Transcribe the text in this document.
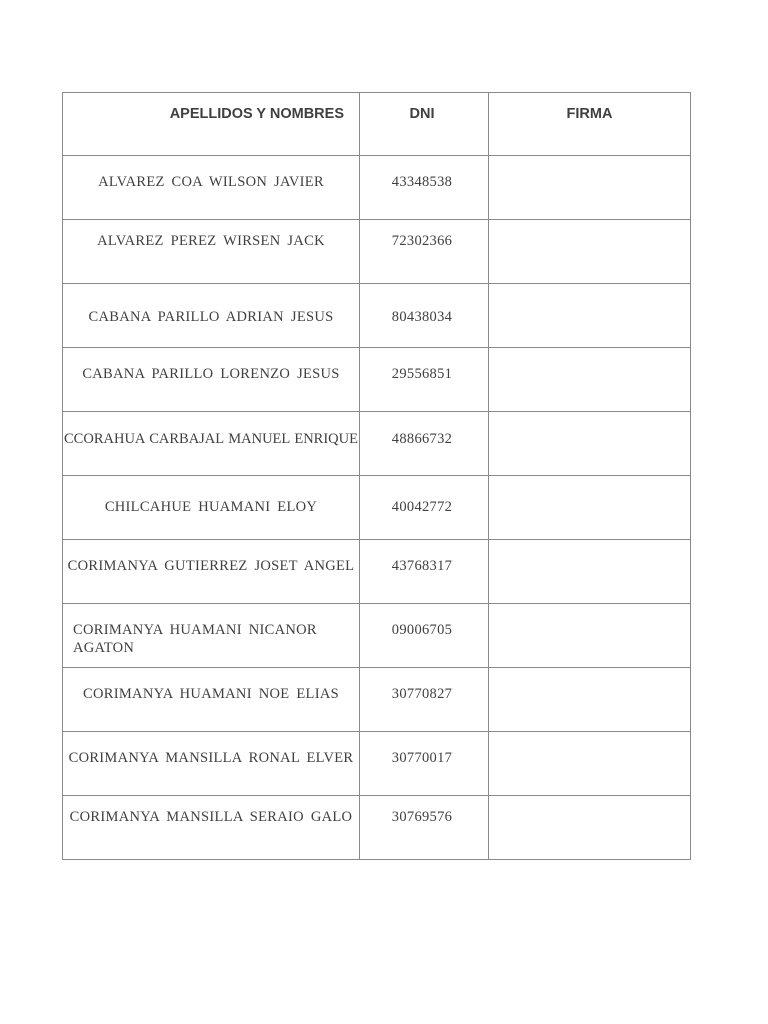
APELLIDOS Y NOMBRES	DNI	FIRMA
ALVAREZ COA WILSON JAVIER	43348538	
ALVAREZ PEREZ WIRSEN JACK	72302366	
CABANA PARILLO ADRIAN JESUS	80438034	
CABANA PARILLO LORENZO JESUS	29556851	
CCORAHUA CARBAJAL MANUEL ENRIQUE	48866732	
CHILCAHUE HUAMANI ELOY	40042772	
CORIMANYA GUTIERREZ JOSET ANGEL	43768317	
CORIMANYA HUAMANI NICANOR AGATON	09006705	
CORIMANYA HUAMANI NOE ELIAS	30770827	
CORIMANYA MANSILLA RONAL ELVER	30770017	
CORIMANYA MANSILLA SERAIO GALO	30769576	
